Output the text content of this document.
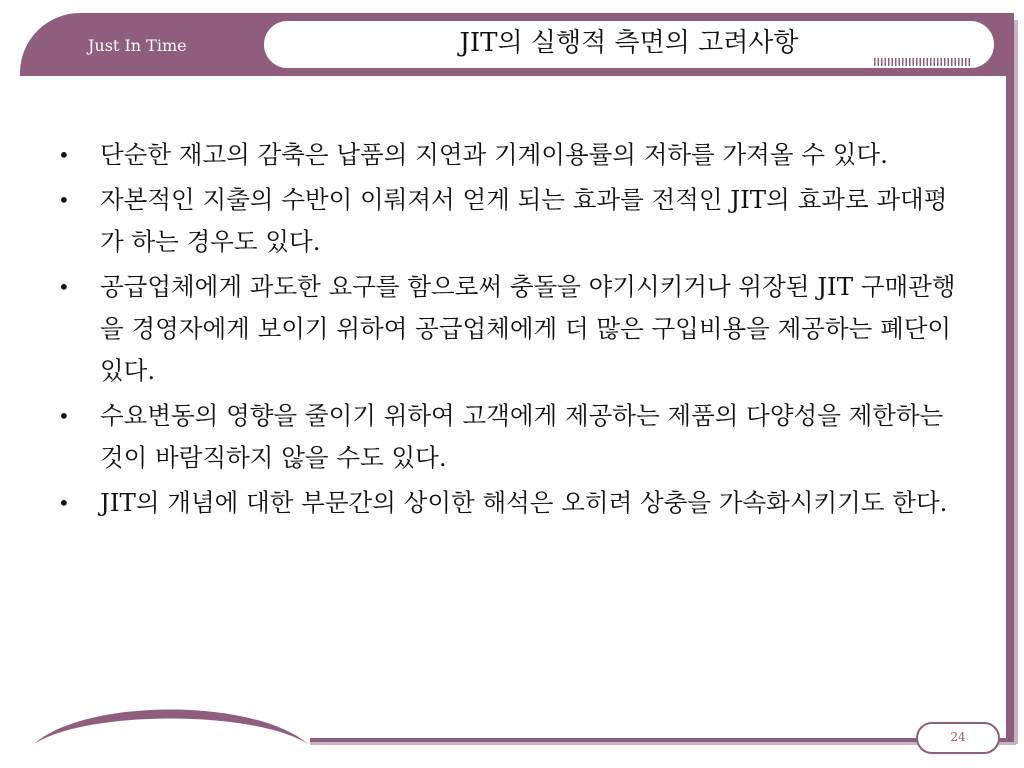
Just In Time	JIT의 실행적 측면의 고려사항
• 단순한 재고의 감축은 납품의 지연과 기계이용률의 저하를 가져올 수 있다.
• 자본적인 지출의 수반이 이뤄져서 얻게 되는 효과를 전적인 JIT의 효과로 과대평가 하는 경우도 있다.
• 공급업체에게 과도한 요구를 함으로써 충돌을 야기시키거나 위장된 JIT 구매관행을 경영자에게 보이기 위하여 공급업체에게 더 많은 구입비용을 제공하는 폐단이 있다.
• 수요변동의 영향을 줄이기 위하여 고객에게 제공하는 제품의 다양성을 제한하는 것이 바람직하지 않을 수도 있다.
• JIT의 개념에 대한 부문간의 상이한 해석은 오히려 상충을 가속화시키기도 한다.
24
